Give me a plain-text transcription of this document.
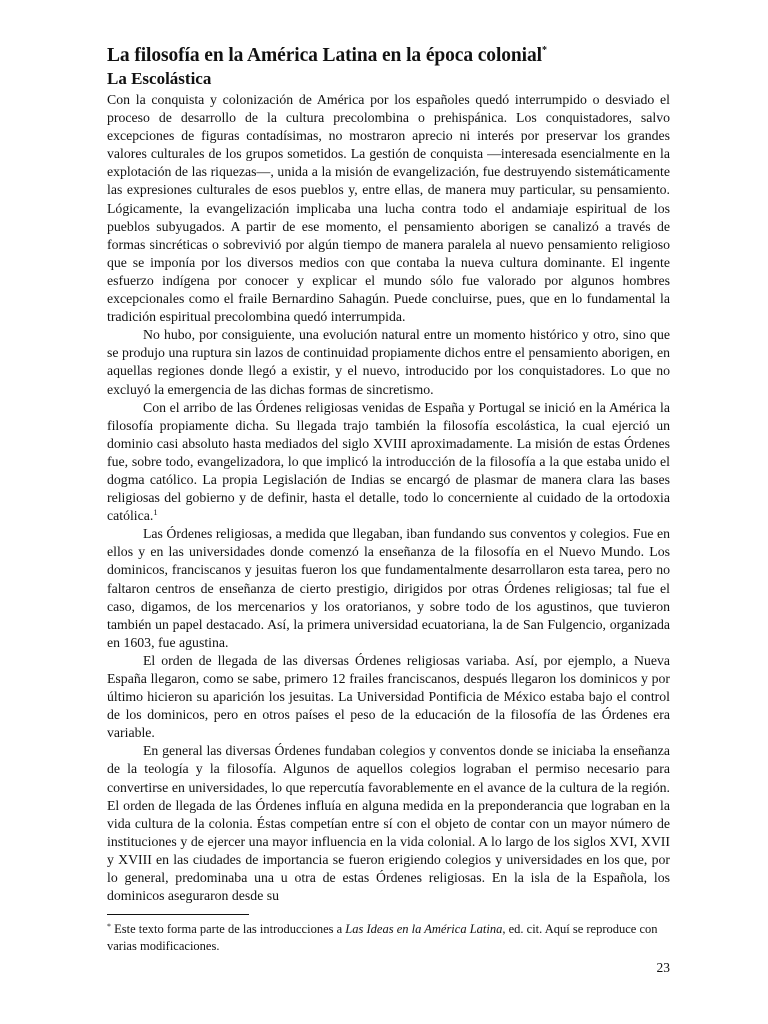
La filosofía en la América Latina en la época colonial*
La Escolástica

Con la conquista y colonización de América por los españoles quedó interrumpido o desviado el proceso de desarrollo de la cultura precolombina o prehispánica. Los conquistadores, salvo excepciones de figuras contadísimas, no mostraron aprecio ni interés por preservar los grandes valores culturales de los grupos sometidos. La gestión de conquista —interesada esencialmente en la explotación de las riquezas—, unida a la misión de evangelización, fue destruyendo sistemáticamente las expresiones culturales de esos pueblos y, entre ellas, de manera muy particular, su pensamiento. Lógicamente, la evangelización implicaba una lucha contra todo el andamiaje espiritual de los pueblos subyugados. A partir de ese momento, el pensamiento aborigen se canalizó a través de formas sincréticas o sobrevivió por algún tiempo de manera paralela al nuevo pensamiento religioso que se imponía por los diversos medios con que contaba la nueva cultura dominante. El ingente esfuerzo indígena por conocer y explicar el mundo sólo fue valorado por algunos hombres excepcionales como el fraile Bernardino Sahagún. Puede concluirse, pues, que en lo fundamental la tradición espiritual precolombina quedó interrumpida.

No hubo, por consiguiente, una evolución natural entre un momento histórico y otro, sino que se produjo una ruptura sin lazos de continuidad propiamente dichos entre el pensamiento aborigen, en aquellas regiones donde llegó a existir, y el nuevo, introducido por los conquistadores. Lo que no excluyó la emergencia de las dichas formas de sincretismo.

Con el arribo de las Órdenes religiosas venidas de España y Portugal se inició en la América la filosofía propiamente dicha. Su llegada trajo también la filosofía escolástica, la cual ejerció un dominio casi absoluto hasta mediados del siglo XVIII aproximadamente. La misión de estas Órdenes fue, sobre todo, evangelizadora, lo que implicó la introducción de la filosofía a la que estaba unido el dogma católico. La propia Legislación de Indias se encargó de plasmar de manera clara las bases religiosas del gobierno y de definir, hasta el detalle, todo lo concerniente al cuidado de la ortodoxia católica.$^1$

Las Órdenes religiosas, a medida que llegaban, iban fundando sus conventos y colegios. Fue en ellos y en las universidades donde comenzó la enseñanza de la filosofía en el Nuevo Mundo. Los dominicos, franciscanos y jesuitas fueron los que fundamentalmente desarrollaron esta tarea, pero no faltaron centros de enseñanza de cierto prestigio, dirigidos por otras Órdenes religiosas; tal fue el caso, digamos, de los mercenarios y los oratorianos, y sobre todo de los agustinos, que tuvieron también un papel destacado. Así, la primera universidad ecuatoriana, la de San Fulgencio, organizada en 1603, fue agustina.

El orden de llegada de las diversas Órdenes religiosas variaba. Así, por ejemplo, a Nueva España llegaron, como se sabe, primero 12 frailes franciscanos, después llegaron los dominicos y por último hicieron su aparición los jesuitas. La Universidad Pontificia de México estaba bajo el control de los dominicos, pero en otros países el peso de la educación de la filosofía de las Órdenes era variable.

En general las diversas Órdenes fundaban colegios y conventos donde se iniciaba la enseñanza de la teología y la filosofía. Algunos de aquellos colegios lograban el permiso necesario para convertirse en universidades, lo que repercutía favorablemente en el avance de la cultura de la región. El orden de llegada de las Órdenes influía en alguna medida en la preponderancia que lograban en la vida cultura de la colonia. Éstas competían entre sí con el objeto de contar con un mayor número de instituciones y de ejercer una mayor influencia en la vida colonial. A lo largo de los siglos XVI, XVII y XVIII en las ciudades de importancia se fueron erigiendo colegios y universidades en los que, por lo general, predominaba una u otra de estas Órdenes religiosas. En la isla de la Española, los dominicos aseguraron desde su

* Este texto forma parte de las introducciones a Las Ideas en la América Latina, ed. cit. Aquí se reproduce con varias modificaciones.

23
